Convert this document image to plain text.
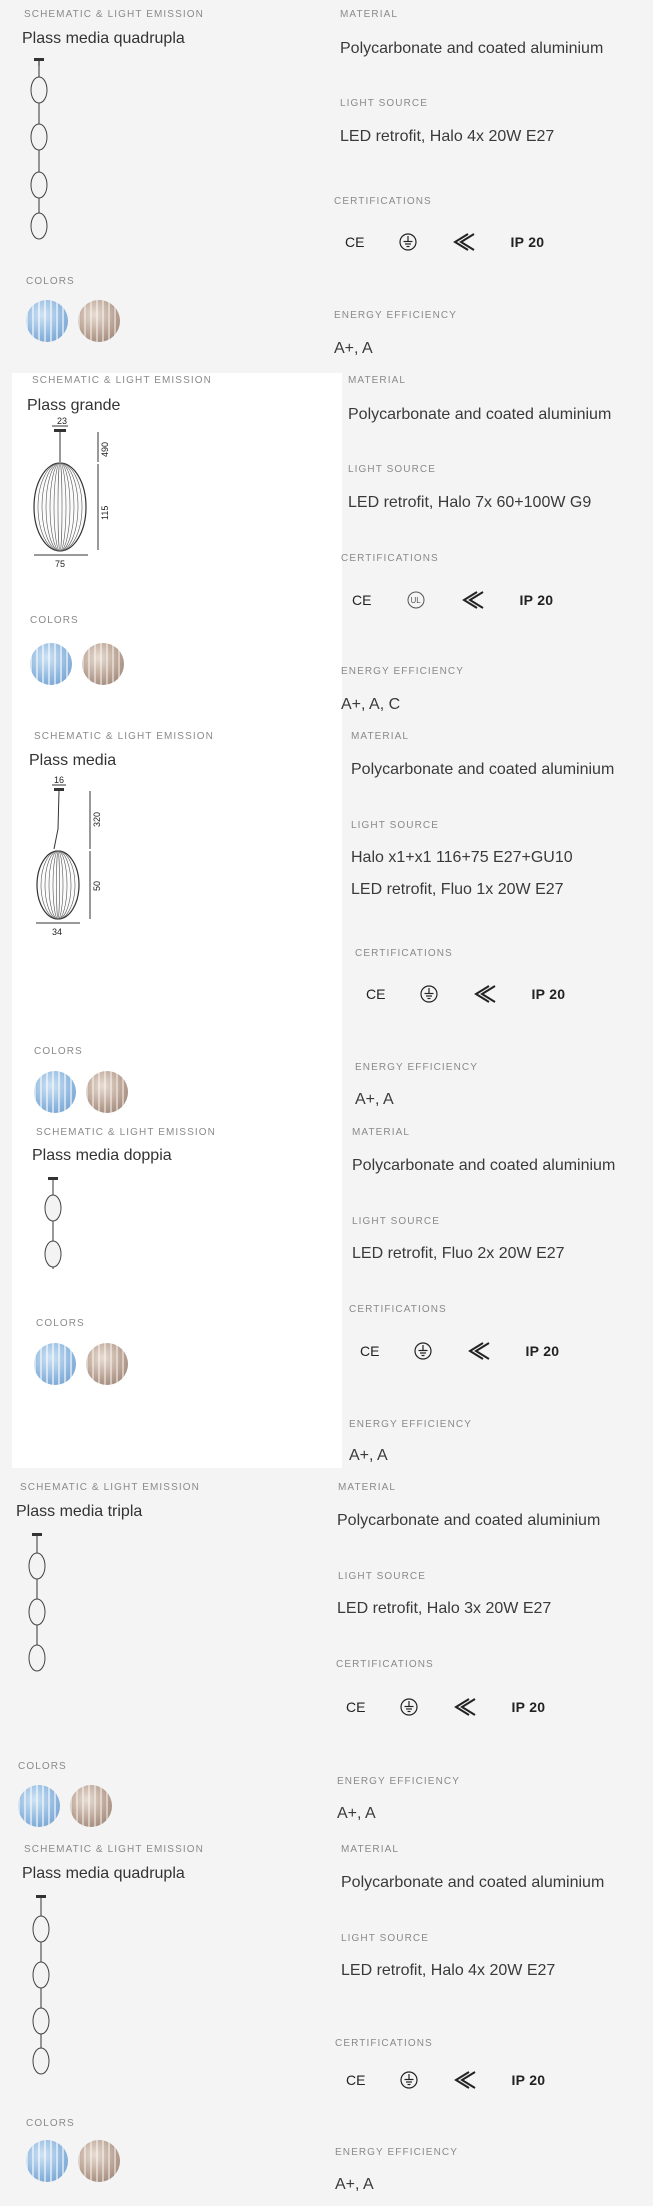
SCHEMATIC & LIGHT EMISSION
Plass media quadrupla
COLORS
MATERIAL
Polycarbonate and coated aluminium
LIGHT SOURCE
LED retrofit, Halo 4x 20W E27
CERTIFICATIONS
CE	IP 20
ENERGY EFFICIENCY
A+, A
SCHEMATIC & LIGHT EMISSION
Plass grande
23
490
115
75
COLORS
MATERIAL
Polycarbonate and coated aluminium
LIGHT SOURCE
LED retrofit, Halo 7x 60+100W G9
CERTIFICATIONS
CE	UL	IP 20
ENERGY EFFICIENCY
A+, A, C
SCHEMATIC & LIGHT EMISSION
Plass media
16
320
50
34
COLORS
MATERIAL
Polycarbonate and coated aluminium
LIGHT SOURCE
Halo x1+x1 116+75 E27+GU10
LED retrofit, Fluo 1x 20W E27
CERTIFICATIONS
CE	IP 20
ENERGY EFFICIENCY
A+, A
SCHEMATIC & LIGHT EMISSION
Plass media doppia
COLORS
MATERIAL
Polycarbonate and coated aluminium
LIGHT SOURCE
LED retrofit, Fluo 2x 20W E27
CERTIFICATIONS
CE	IP 20
ENERGY EFFICIENCY
A+, A
SCHEMATIC & LIGHT EMISSION
Plass media tripla
COLORS
MATERIAL
Polycarbonate and coated aluminium
LIGHT SOURCE
LED retrofit, Halo 3x 20W E27
CERTIFICATIONS
CE	IP 20
ENERGY EFFICIENCY
A+, A
SCHEMATIC & LIGHT EMISSION
Plass media quadrupla
COLORS
MATERIAL
Polycarbonate and coated aluminium
LIGHT SOURCE
LED retrofit, Halo 4x 20W E27
CERTIFICATIONS
CE	IP 20
ENERGY EFFICIENCY
A+, A
